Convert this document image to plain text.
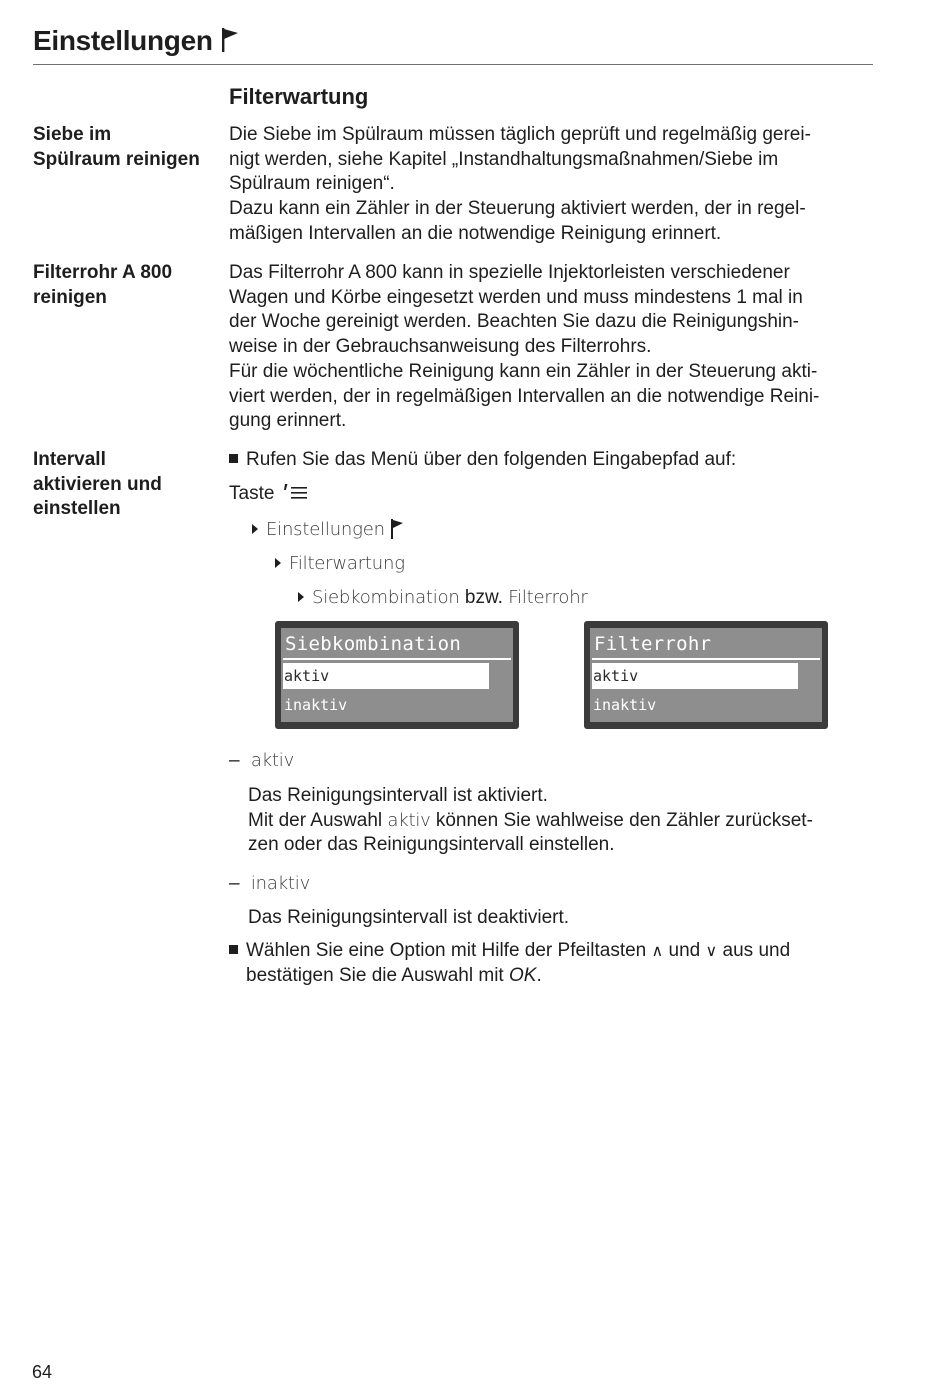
Einstellungen
Filterwartung
Siebe im
Spülraum reinigen
Die Siebe im Spülraum müssen täglich geprüft und regelmäßig gerei-
nigt werden, siehe Kapitel „Instandhaltungsmaßnahmen/Siebe im
Spülraum reinigen“.
Dazu kann ein Zähler in der Steuerung aktiviert werden, der in regel-
mäßigen Intervallen an die notwendige Reinigung erinnert.
Filterrohr A 800
reinigen
Das Filterrohr A 800 kann in spezielle Injektorleisten verschiedener
Wagen und Körbe eingesetzt werden und muss mindestens 1 mal in
der Woche gereinigt werden. Beachten Sie dazu die Reinigungshin-
weise in der Gebrauchsanweisung des Filterrohrs.
Für die wöchentliche Reinigung kann ein Zähler in der Steuerung akti-
viert werden, der in regelmäßigen Intervallen an die notwendige Reini-
gung erinnert.
Intervall
aktivieren und
einstellen
Rufen Sie das Menü über den folgenden Eingabepfad auf:
Taste
Einstellungen
Filterwartung
Siebkombination bzw. Filterrohr
Siebkombination
aktiv
inaktiv
Filterrohr
aktiv
inaktiv
– aktiv
Das Reinigungsintervall ist aktiviert.
Mit der Auswahl aktiv können Sie wahlweise den Zähler zurückset-
zen oder das Reinigungsintervall einstellen.
– inaktiv
Das Reinigungsintervall ist deaktiviert.
Wählen Sie eine Option mit Hilfe der Pfeiltasten ∧ und ∨ aus und
bestätigen Sie die Auswahl mit OK.
64
